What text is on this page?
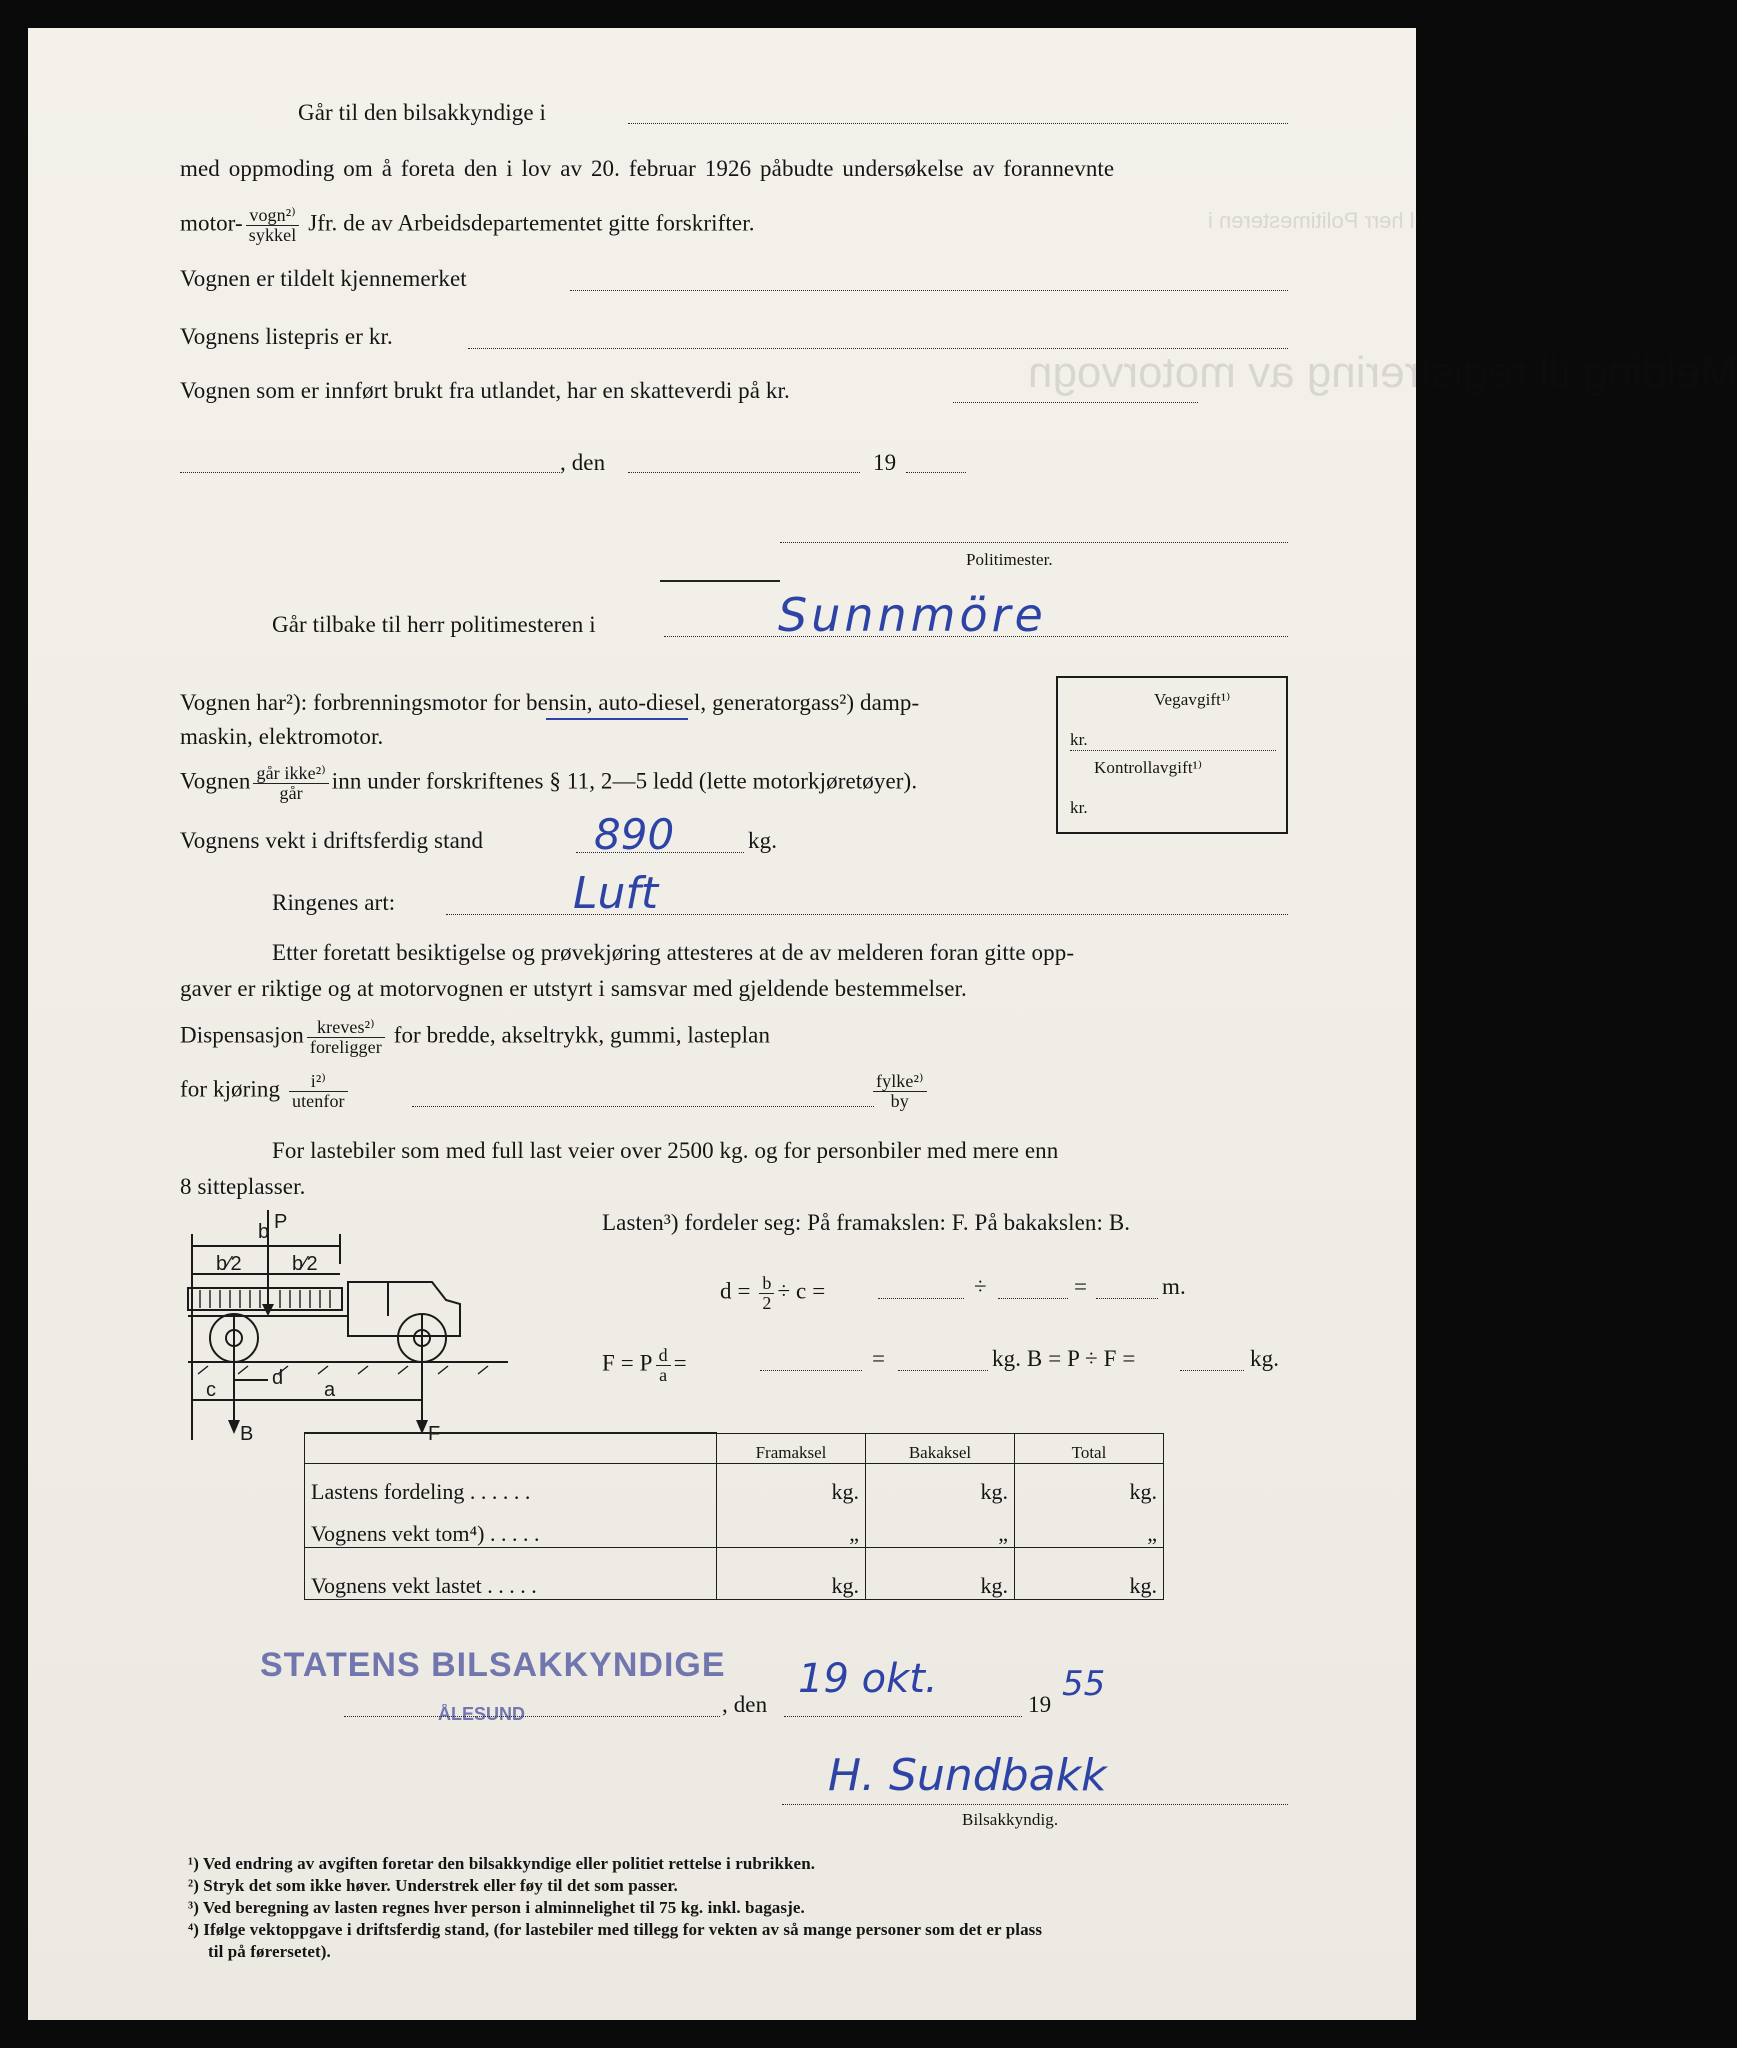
Melding til registrering av motorvogn
Til herr Politimesteren i
Går til den bilsakkyndige i
med oppmoding om å foreta den i lov av 20. februar 1926 påbudte undersøkelse av forannevnte
motor- $\frac{\text{vogn²⁾}}{\text{sykkel}}$ Jfr. de av Arbeidsdepartementet gitte forskrifter.
Vognen er tildelt kjennemerket
Vognens listepris er kr.
Vognen som er innført brukt fra utlandet, har en skatteverdi på kr.
, den	19
Politimester.
Går tilbake til herr politimesteren i	Sunnmöre
Vognen har²): forbrenningsmotor for bensin, auto-diesel, generatorgass²) damp-
maskin, elektromotor.
Vognen $\frac{\text{går ikke²⁾}}{\text{går}}$ inn under forskriftenes § 11, 2—5 ledd (lette motorkjøretøyer).
Vognens vekt i driftsferdig stand	890	kg.
Ringenes art:	Luft
Vegavgift¹⁾
kr.
Kontrollavgift¹⁾
kr.
Etter foretatt besiktigelse og prøvekjøring attesteres at de av melderen foran gitte opp-
gaver er riktige og at motorvognen er utstyrt i samsvar med gjeldende bestemmelser.
Dispensasjon $\frac{\text{kreves²⁾}}{\text{foreligger}}$ for bredde, akseltrykk, gummi, lasteplan
for kjøring $\frac{\text{i²⁾}}{\text{utenfor}}$	$\frac{\text{fylke²⁾}}{by}$
For lastebiler som med full last veier over 2500 kg. og for personbiler med mere enn
8 sitteplasser.
b P
b⁄2	b⁄2
d
c	a
B	F
Lasten³) fordeler seg: På framakslen: F. På bakakslen: B.
$d = \frac{b}{2} \div c$ =	÷	=	m.
F = P $\frac{d}{a}$ =	=	kg. B = P ÷ F =	kg.
	Framaksel	Bakaksel	Total
Lastens fordeling . . . . . .	kg.	kg.	kg.
Vognens vekt tom⁴) . . . . .	„	„	„
Vognens vekt lastet . . . . .	kg.	kg.	kg.
STATENS BILSAKKYNDIGE
ÅLESUND	, den
19 okt.
19
55
H. Sundbakk
Bilsakkyndig.
¹) Ved endring av avgiften foretar den bilsakkyndige eller politiet rettelse i rubrikken.
²) Stryk det som ikke høver. Understrek eller føy til det som passer.
³) Ved beregning av lasten regnes hver person i alminnelighet til 75 kg. inkl. bagasje.
⁴) Ifølge vektoppgave i driftsferdig stand, (for lastebiler med tillegg for vekten av så mange personer som det er plass
til på førersetet).
